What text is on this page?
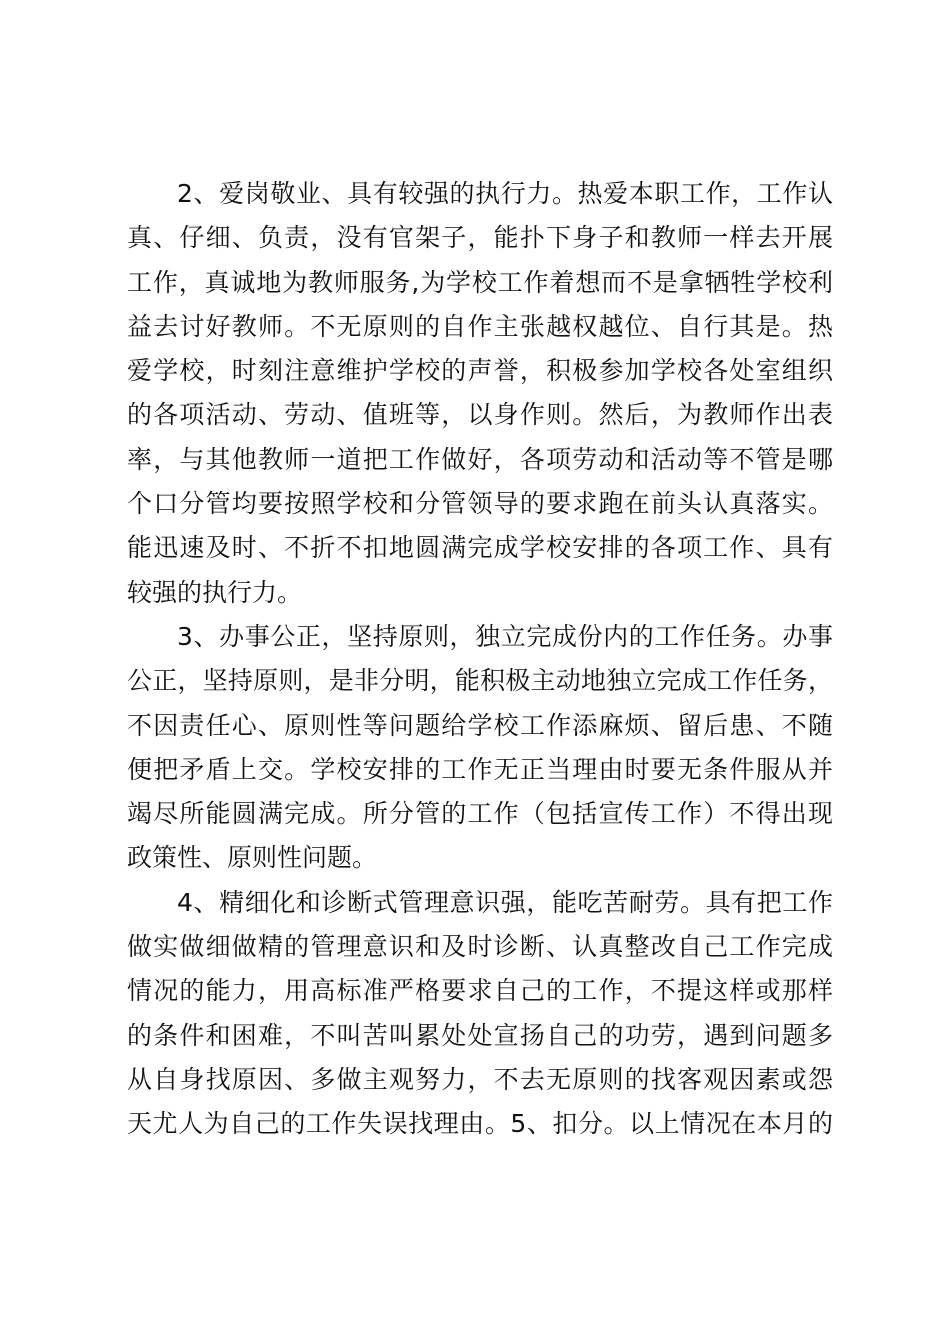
2、爱岗敬业、具有较强的执行力。热爱本职工作，工作认
真、仔细、负责，没有官架子，能扑下身子和教师一样去开展
工作，真诚地为教师服务,为学校工作着想而不是拿牺牲学校利
益去讨好教师。不无原则的自作主张越权越位、自行其是。热
爱学校，时刻注意维护学校的声誉，积极参加学校各处室组织
的各项活动、劳动、值班等，以身作则。然后，为教师作出表
率，与其他教师一道把工作做好，各项劳动和活动等不管是哪
个口分管均要按照学校和分管领导的要求跑在前头认真落实。
能迅速及时、不折不扣地圆满完成学校安排的各项工作、具有
较强的执行力。
3、办事公正，坚持原则，独立完成份内的工作任务。办事
公正，坚持原则，是非分明，能积极主动地独立完成工作任务，
不因责任心、原则性等问题给学校工作添麻烦、留后患、不随
便把矛盾上交。学校安排的工作无正当理由时要无条件服从并
竭尽所能圆满完成。所分管的工作（包括宣传工作）不得出现
政策性、原则性问题。
4、精细化和诊断式管理意识强，能吃苦耐劳。具有把工作
做实做细做精的管理意识和及时诊断、认真整改自己工作完成
情况的能力，用高标准严格要求自己的工作，不提这样或那样
的条件和困难，不叫苦叫累处处宣扬自己的功劳，遇到问题多
从自身找原因、多做主观努力，不去无原则的找客观因素或怨
天尤人为自己的工作失误找理由。5、扣分。以上情况在本月的
